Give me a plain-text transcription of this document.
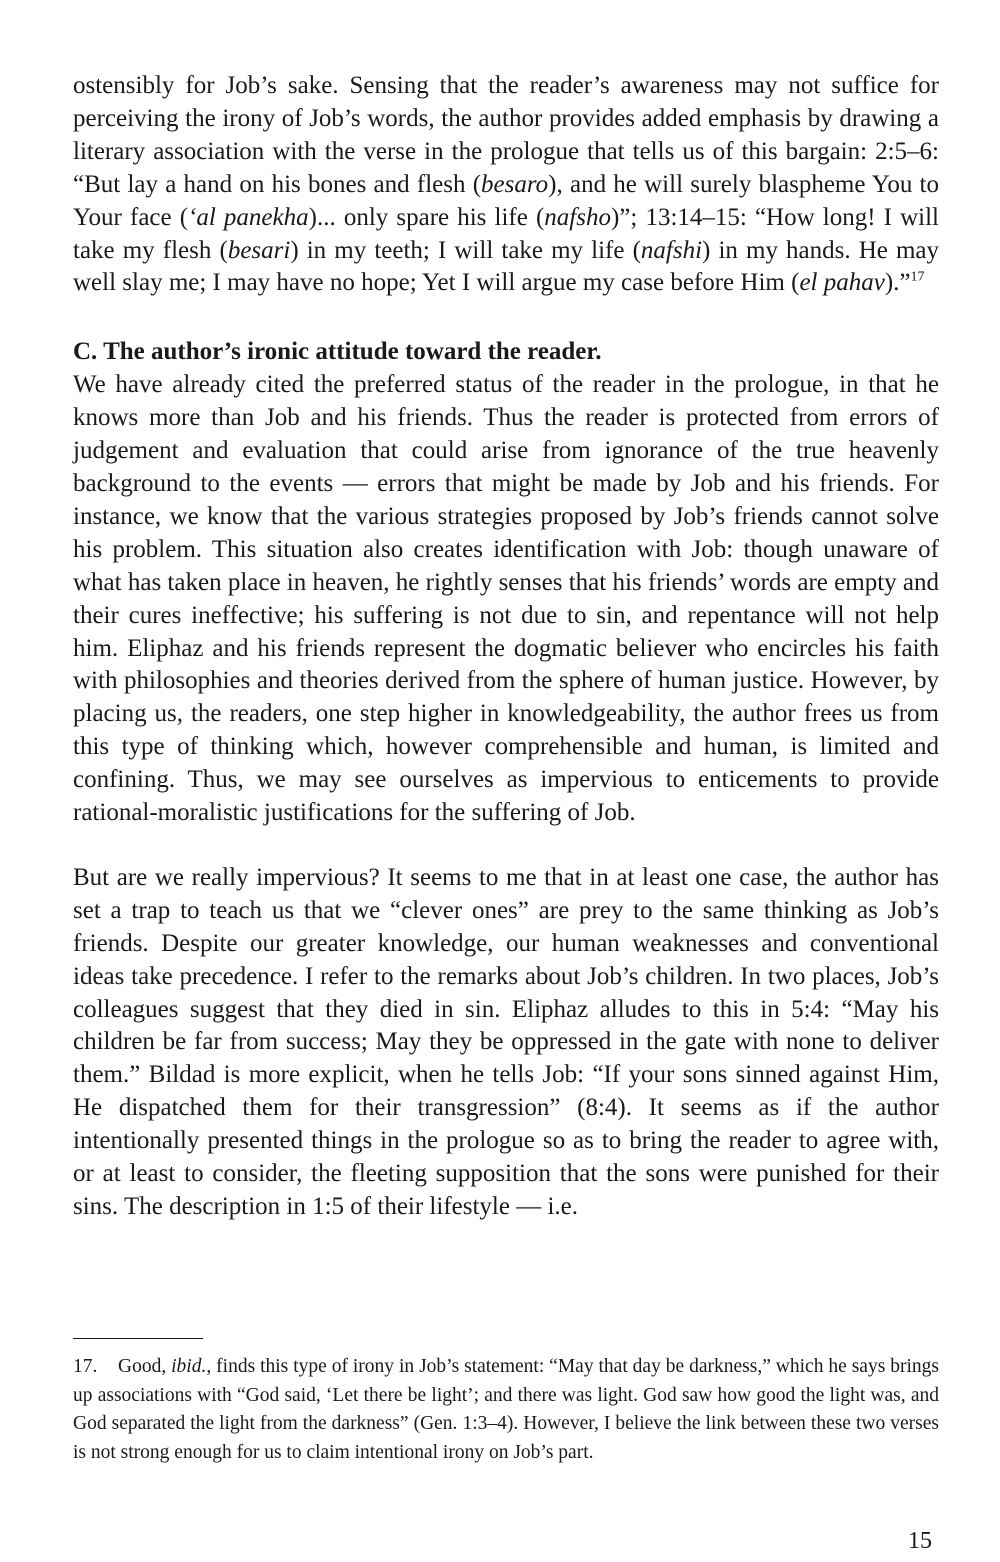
ostensibly for Job’s sake. Sensing that the reader’s awareness may not suffice for perceiving the irony of Job’s words, the author provides added emphasis by drawing a literary association with the verse in the prologue that tells us of this bargain: 2:5–6: “But lay a hand on his bones and flesh (besaro), and he will surely blaspheme You to Your face (‘al panekha)... only spare his life (nafsho)”; 13:14–15: “How long! I will take my flesh (besari) in my teeth; I will take my life (nafshi) in my hands. He may well slay me; I may have no hope; Yet I will argue my case before Him (el pahav).”$^{17}$

C. The author’s ironic attitude toward the reader.

We have already cited the preferred status of the reader in the prologue, in that he knows more than Job and his friends. Thus the reader is protected from errors of judgement and evaluation that could arise from ignorance of the true heavenly background to the events — errors that might be made by Job and his friends. For instance, we know that the various strategies proposed by Job’s friends cannot solve his problem. This situation also creates identification with Job: though unaware of what has taken place in heaven, he rightly senses that his friends’ words are empty and their cures ineffective; his suffering is not due to sin, and repentance will not help him. Eliphaz and his friends represent the dogmatic believer who encircles his faith with philosophies and theories derived from the sphere of human justice. However, by placing us, the readers, one step higher in knowledgeability, the author frees us from this type of thinking which, however comprehensible and human, is limited and confining. Thus, we may see ourselves as impervious to enticements to provide rational-moralistic justifications for the suffering of Job.

But are we really impervious? It seems to me that in at least one case, the author has set a trap to teach us that we “clever ones” are prey to the same thinking as Job’s friends. Despite our greater knowledge, our human weaknesses and conventional ideas take precedence. I refer to the remarks about Job’s children. In two places, Job’s colleagues suggest that they died in sin. Eliphaz alludes to this in 5:4: “May his children be far from success; May they be oppressed in the gate with none to deliver them.” Bildad is more explicit, when he tells Job: “If your sons sinned against Him, He dispatched them for their transgression” (8:4). It seems as if the author intentionally presented things in the prologue so as to bring the reader to agree with, or at least to consider, the fleeting supposition that the sons were punished for their sins. The description in 1:5 of their lifestyle — i.e.

17. Good, ibid., finds this type of irony in Job’s statement: “May that day be darkness,” which he says brings up associations with “God said, ‘Let there be light’; and there was light. God saw how good the light was, and God separated the light from the darkness” (Gen. 1:3–4). However, I believe the link between these two verses is not strong enough for us to claim intentional irony on Job’s part.

15
